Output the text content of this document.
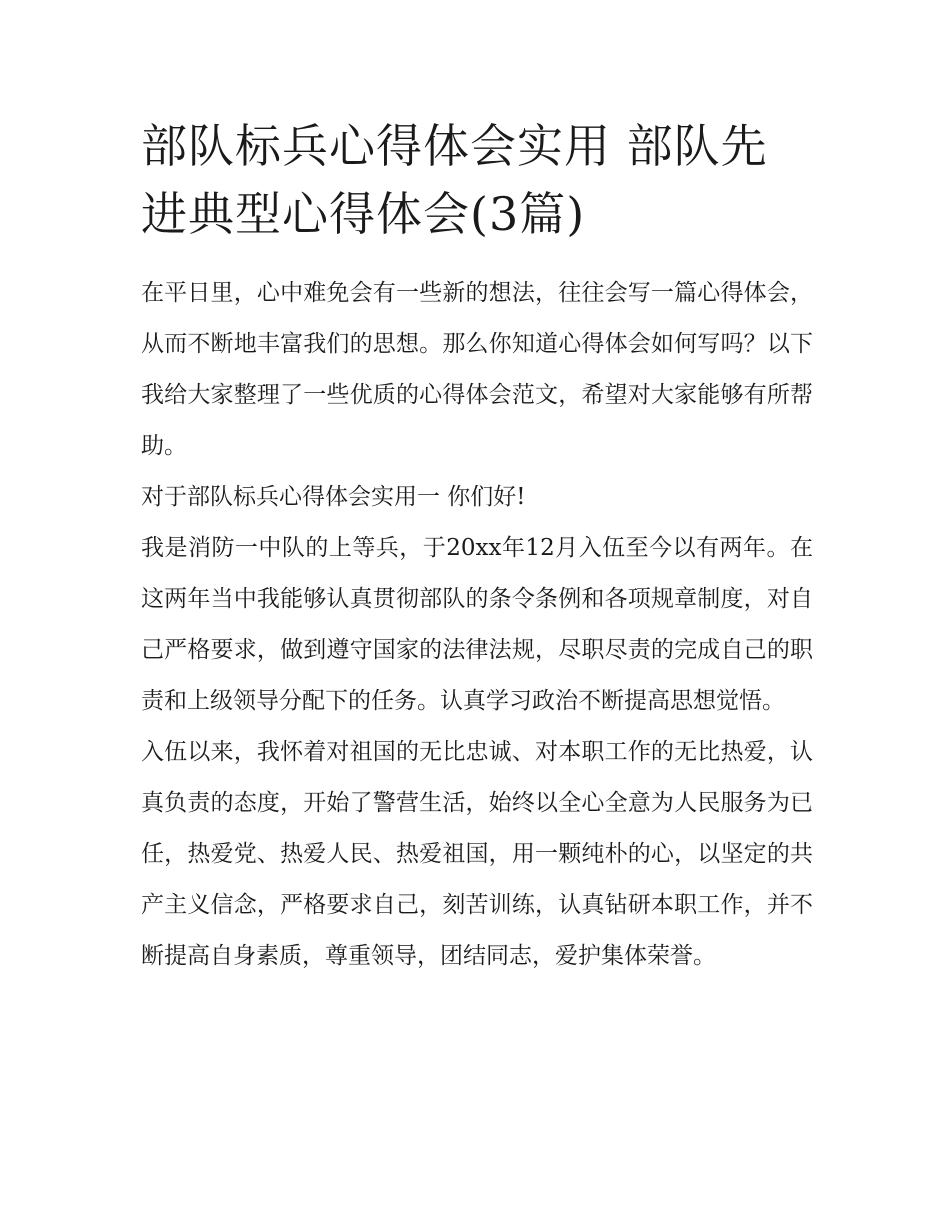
部队标兵心得体会实用 部队先进典型心得体会(3篇)

在平日里，心中难免会有一些新的想法，往往会写一篇心得体会，从而不断地丰富我们的思想。那么你知道心得体会如何写吗？以下我给大家整理了一些优质的心得体会范文，希望对大家能够有所帮助。

对于部队标兵心得体会实用一 你们好!

我是消防一中队的上等兵，于20xx年12月入伍至今以有两年。在这两年当中我能够认真贯彻部队的条令条例和各项规章制度，对自己严格要求，做到遵守国家的法律法规，尽职尽责的完成自己的职责和上级领导分配下的任务。认真学习政治不断提高思想觉悟。

入伍以来，我怀着对祖国的无比忠诚、对本职工作的无比热爱，认真负责的态度，开始了警营生活，始终以全心全意为人民服务为已任，热爱党、热爱人民、热爱祖国，用一颗纯朴的心，以坚定的共产主义信念，严格要求自己，刻苦训练，认真钻研本职工作，并不断提高自身素质，尊重领导，团结同志，爱护集体荣誉。
